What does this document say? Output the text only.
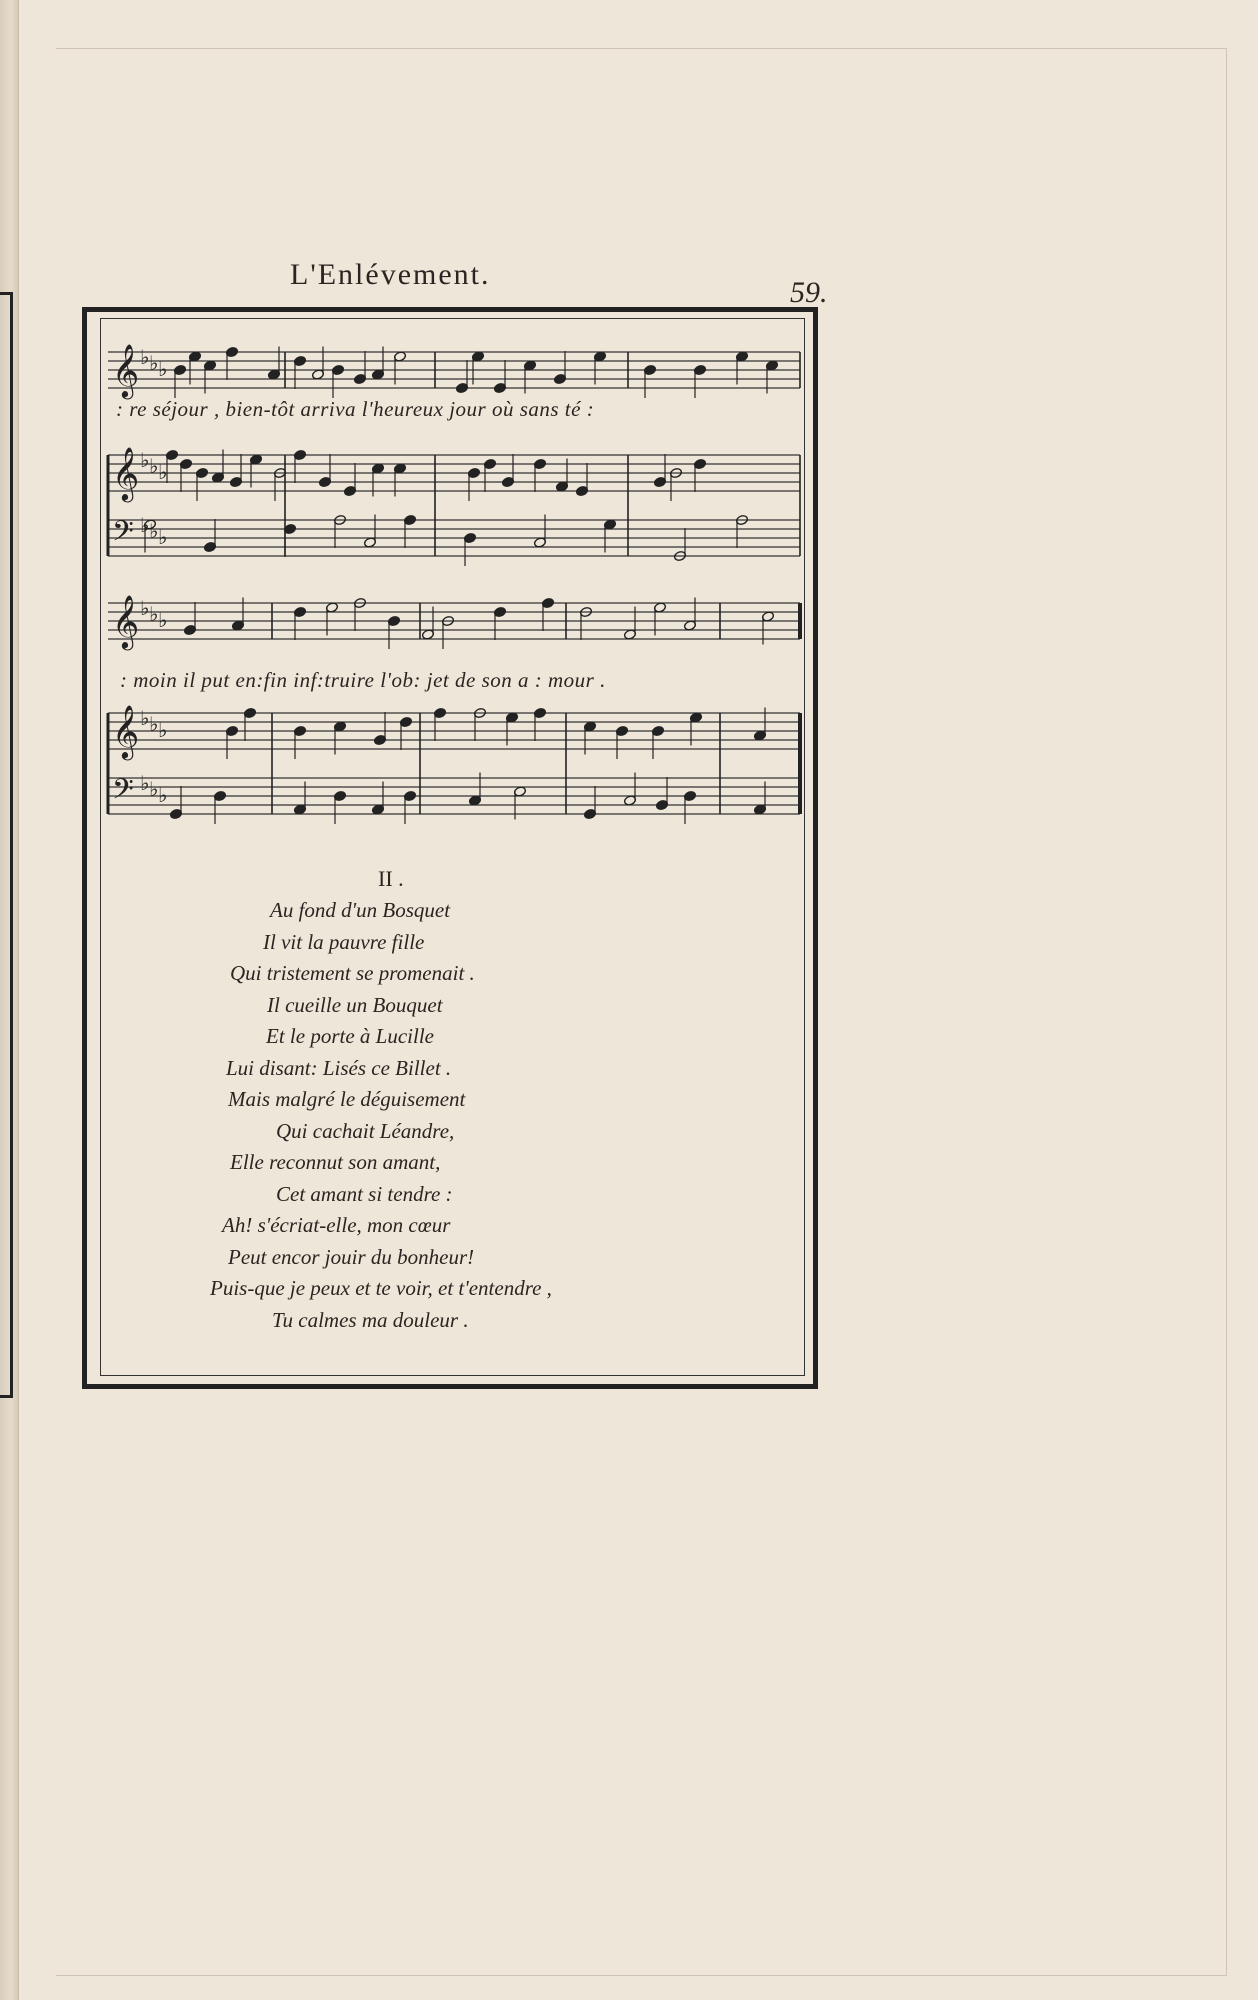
L'Enlévement.
59.
𝄞 ♭ ♭ ♭
𝄞 ♭ ♭ ♭
𝄢 ♭ ♭ ♭
𝄞 ♭ ♭ ♭
𝄞 ♭ ♭ ♭
𝄢 ♭ ♭ ♭
: re séjour , bien-tôt arriva l'heureux jour où sans té :
: moin il put en:fin inf:truire l'ob: jet de son a : mour .
II .
Au fond d'un Bosquet
Il vit la pauvre fille
Qui tristement se promenait .
Il cueille un Bouquet
Et le porte à Lucille
Lui disant: Lisés ce Billet .
Mais malgré le déguisement
Qui cachait Léandre,
Elle reconnut son amant,
Cet amant si tendre :
Ah! s'écriat-elle, mon cœur
Peut encor jouir du bonheur!
Puis-que je peux et te voir, et t'entendre ,
Tu calmes ma douleur .
